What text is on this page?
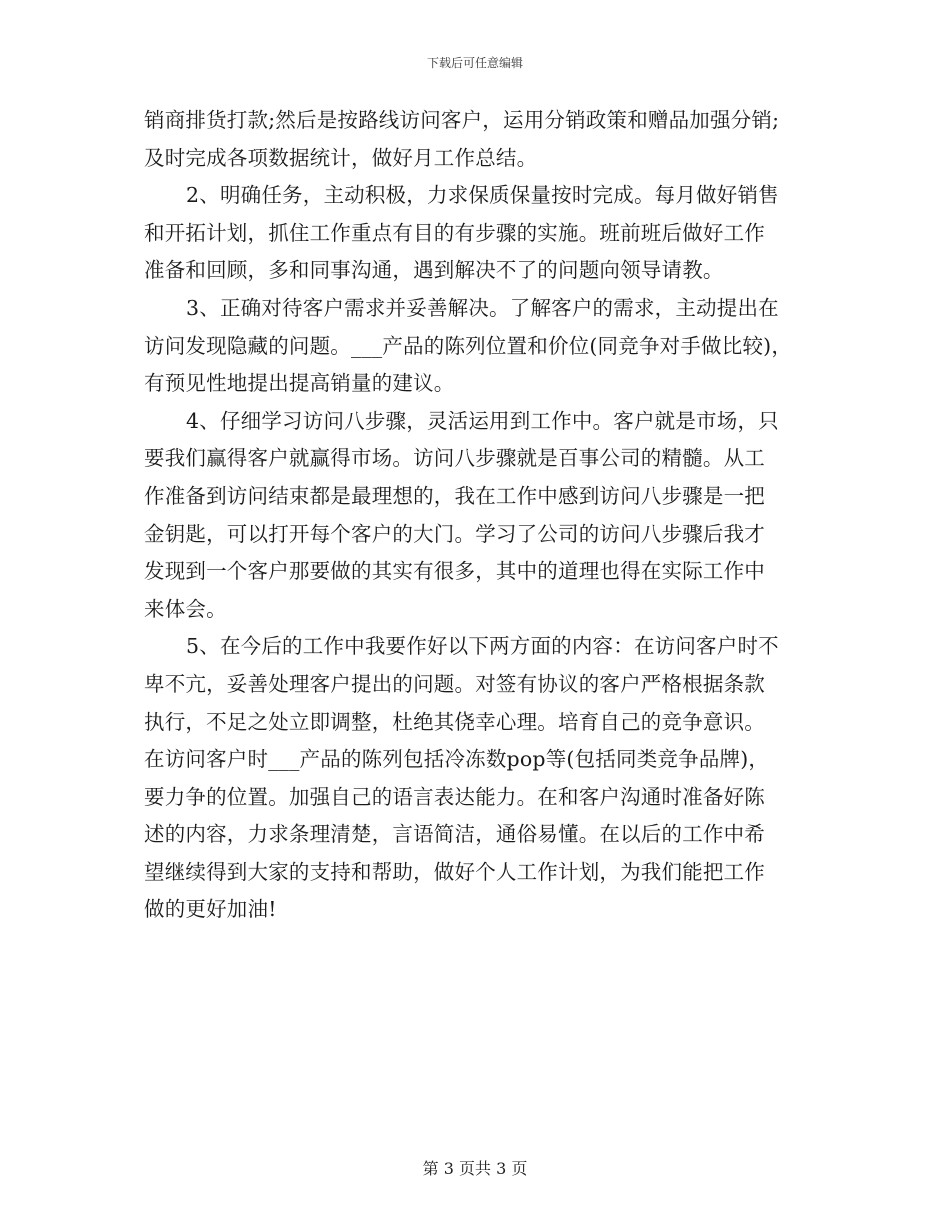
下载后可任意编辑
销商排货打款;然后是按路线访问客户，运用分销政策和赠品加强分销;
及时完成各项数据统计，做好月工作总结。
2、明确任务，主动积极，力求保质保量按时完成。每月做好销售
和开拓计划，抓住工作重点有目的有步骤的实施。班前班后做好工作
准备和回顾，多和同事沟通，遇到解决不了的问题向领导请教。
3、正确对待客户需求并妥善解决。了解客户的需求，主动提出在
访问发现隐藏的问题。___产品的陈列位置和价位(同竞争对手做比较)，
有预见性地提出提高销量的建议。
4、仔细学习访问八步骤，灵活运用到工作中。客户就是市场，只
要我们赢得客户就赢得市场。访问八步骤就是百事公司的精髓。从工
作准备到访问结束都是最理想的，我在工作中感到访问八步骤是一把
金钥匙，可以打开每个客户的大门。学习了公司的访问八步骤后我才
发现到一个客户那要做的其实有很多，其中的道理也得在实际工作中
来体会。
5、在今后的工作中我要作好以下两方面的内容：在访问客户时不
卑不亢，妥善处理客户提出的问题。对签有协议的客户严格根据条款
执行，不足之处立即调整，杜绝其侥幸心理。培育自己的竞争意识。
在访问客户时___产品的陈列包括冷冻数pop等(包括同类竞争品牌)，
要力争的位置。加强自己的语言表达能力。在和客户沟通时准备好陈
述的内容，力求条理清楚，言语简洁，通俗易懂。在以后的工作中希
望继续得到大家的支持和帮助，做好个人工作计划，为我们能把工作
做的更好加油!
第 3 页共 3 页
